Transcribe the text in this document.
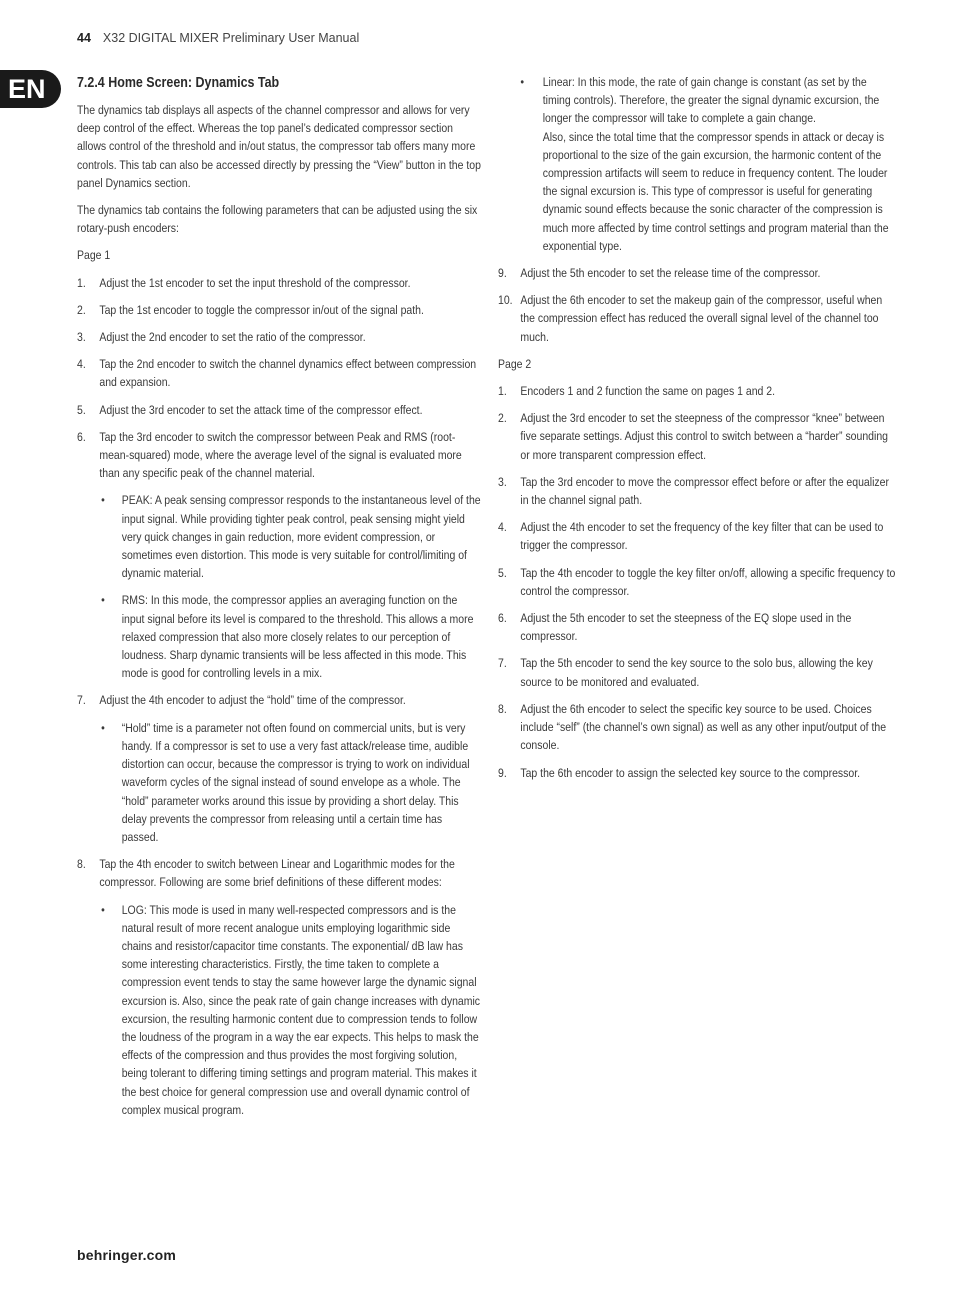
44 X32 DIGITAL MIXER Preliminary User Manual
EN	7.2.4 Home Screen: Dynamics Tab

The dynamics tab displays all aspects of the channel compressor and allows for very deep control of the effect. Whereas the top panel’s dedicated compressor section allows control of the threshold and in/out status, the compressor tab offers many more controls. This tab can also be accessed directly by pressing the “View” button in the top panel Dynamics section.

The dynamics tab contains the following parameters that can be adjusted using the six rotary-push encoders:

Page 1
1. Adjust the 1st encoder to set the input threshold of the compressor.
2. Tap the 1st encoder to toggle the compressor in/out of the signal path.
3. Adjust the 2nd encoder to set the ratio of the compressor.
4. Tap the 2nd encoder to switch the channel dynamics effect between compression and expansion.
5. Adjust the 3rd encoder to set the attack time of the compressor effect.
6. Tap the 3rd encoder to switch the compressor between Peak and RMS (root-mean-squared) mode, where the average level of the signal is evaluated more than any specific peak of the channel material.
• PEAK: A peak sensing compressor responds to the instantaneous level of the input signal. While providing tighter peak control, peak sensing might yield very quick changes in gain reduction, more evident compression, or sometimes even distortion. This mode is very suitable for control/limiting of dynamic material.
• RMS: In this mode, the compressor applies an averaging function on the input signal before its level is compared to the threshold. This allows a more relaxed compression that also more closely relates to our perception of loudness. Sharp dynamic transients will be less affected in this mode. This mode is good for controlling levels in a mix.
7. Adjust the 4th encoder to adjust the “hold” time of the compressor.
• “Hold” time is a parameter not often found on commercial units, but is very handy. If a compressor is set to use a very fast attack/release time, audible distortion can occur, because the compressor is trying to work on individual waveform cycles of the signal instead of sound envelope as a whole. The “hold” parameter works around this issue by providing a short delay. This delay prevents the compressor from releasing until a certain time has passed.
8. Tap the 4th encoder to switch between Linear and Logarithmic modes for the compressor. Following are some brief definitions of these different modes:
• LOG: This mode is used in many well-respected compressors and is the natural result of more recent analogue units employing logarithmic side chains and resistor/capacitor time constants. The exponential/ dB law has some interesting characteristics. Firstly, the time taken to complete a compression event tends to stay the same however large the dynamic signal excursion is. Also, since the peak rate of gain change increases with dynamic excursion, the resulting harmonic content due to compression tends to follow the loudness of the program in a way the ear expects. This helps to mask the effects of the compression and thus provides the most forgiving solution, being tolerant to differing timing settings and program material. This makes it the best choice for general compression use and overall dynamic control of complex musical program.
• Linear: In this mode, the rate of gain change is constant (as set by the timing controls). Therefore, the greater the signal dynamic excursion, the longer the compressor will take to complete a gain change.
Also, since the total time that the compressor spends in attack or decay is proportional to the size of the gain excursion, the harmonic content of the compression artifacts will seem to reduce in frequency content. The louder the signal excursion is. This type of compressor is useful for generating dynamic sound effects because the sonic character of the compression is much more affected by time control settings and program material than the exponential type.
9. Adjust the 5th encoder to set the release time of the compressor.
10. Adjust the 6th encoder to set the makeup gain of the compressor, useful when the compression effect has reduced the overall signal level of the channel too much.
Page 2
1. Encoders 1 and 2 function the same on pages 1 and 2.
2. Adjust the 3rd encoder to set the steepness of the compressor “knee” between five separate settings. Adjust this control to switch between a “harder” sounding or more transparent compression effect.
3. Tap the 3rd encoder to move the compressor effect before or after the equalizer in the channel signal path.
4. Adjust the 4th encoder to set the frequency of the key filter that can be used to trigger the compressor.
5. Tap the 4th encoder to toggle the key filter on/off, allowing a specific frequency to control the compressor.
6. Adjust the 5th encoder to set the steepness of the EQ slope used in the compressor.
7. Tap the 5th encoder to send the key source to the solo bus, allowing the key source to be monitored and evaluated.
8. Adjust the 6th encoder to select the specific key source to be used. Choices include “self” (the channel’s own signal) as well as any other input/output of the console.
9. Tap the 6th encoder to assign the selected key source to the compressor.
behringer.com
